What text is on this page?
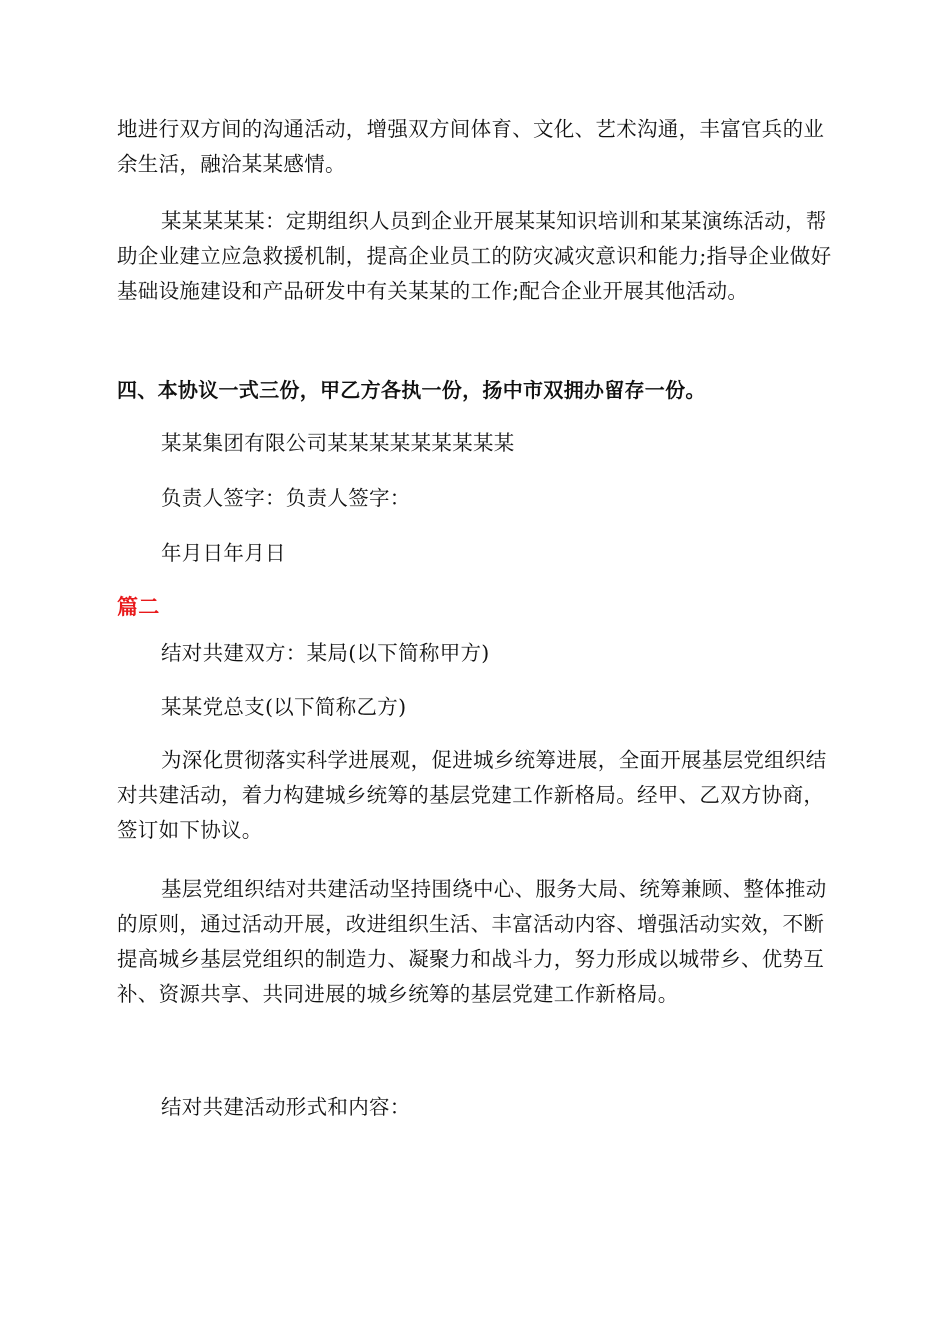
地进行双方间的沟通活动，增强双方间体育、文化、艺术沟通，丰富官兵的业余生活，融洽某某感情。

某某某某某：定期组织人员到企业开展某某知识培训和某某演练活动，帮助企业建立应急救援机制，提高企业员工的防灾减灾意识和能力;指导企业做好基础设施建设和产品研发中有关某某的工作;配合企业开展其他活动。

四、本协议一式三份，甲乙方各执一份，扬中市双拥办留存一份。

某某集团有限公司某某某某某某某某某

负责人签字：负责人签字：

年月日年月日

篇二

结对共建双方：某局(以下简称甲方)

某某党总支(以下简称乙方)

为深化贯彻落实科学进展观，促进城乡统筹进展，全面开展基层党组织结对共建活动，着力构建城乡统筹的基层党建工作新格局。经甲、乙双方协商，签订如下协议。

基层党组织结对共建活动坚持围绕中心、服务大局、统筹兼顾、整体推动的原则，通过活动开展，改进组织生活、丰富活动内容、增强活动实效，不断提高城乡基层党组织的制造力、凝聚力和战斗力，努力形成以城带乡、优势互补、资源共享、共同进展的城乡统筹的基层党建工作新格局。

结对共建活动形式和内容：
